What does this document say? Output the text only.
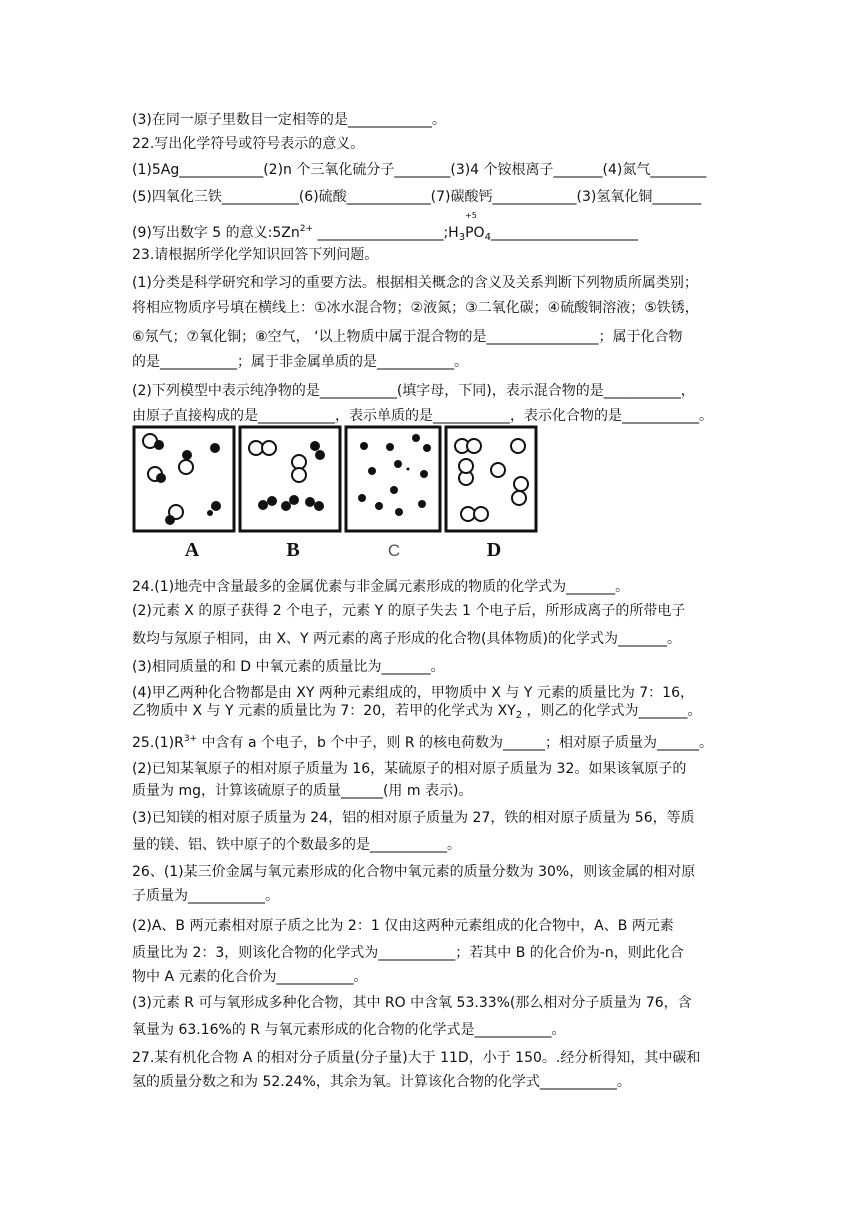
(3)在同一原子里数目一定相等的是____________。
22.写出化学符号或符号表示的意义。
(1)5Ag____________(2)n 个三氧化硫分子________(3)4 个铵根离子_______(4)氮气________
(5)四氧化三铁___________(6)硫酸____________(7)碳酸钙____________(3)氢氧化铜_______
23.请根据所学化学知识回答下列问题。
(1)分类是科学研究和学习的重要方法。根据相关概念的含义及关系判断下列物质所属类别；
将相应物质序号填在横线上：①冰水混合物；②液氮；③二氧化碳；④硫酸铜溶液；⑤铁锈，
⑥氖气；⑦氧化铜；⑧空气， ‘以上物质中属于混合物的是________________；属于化合物
的是___________；属于非金属单质的是___________。
(2)下列模型中表示纯净物的是___________(填字母，下同)，表示混合物的是___________，
由原子直接构成的是___________，表示单质的是___________，表示化合物的是___________。
24.(1)地壳中含量最多的金属优素与非金属元素形成的物质的化学式为_______。
(2)元素 X 的原子获得 2 个电子，元素 Y 的原子失去 1 个电子后，所形成离子的所带电子
数均与氖原子相同，由 X、Y 两元素的离子形成的化合物(具体物质)的化学式为_______。
(3)相同质量的和 D 中氧元素的质量比为_______。
(4)甲乙两种化合物都是由 XY 两种元素组成的，甲物质中 X 与 Y 元素的质量比为 7：16，
(2)已知某氧原子的相对原子质量为 16，某硫原子的相对原子质量为 32。如果该氧原子的
质量为 mg，计算该硫原子的质量______(用 m 表示)。
(3)已知镁的相对原子质量为 24，铝的相对原子质量为 27，铁的相对原子质量为 56，等质
量的镁、铝、铁中原子的个数最多的是___________。
26、(1)某三价金属与氧元素形成的化合物中氧元素的质量分数为 30%，则该金属的相对原
子质量为___________。
(2)A、B 两元素相对原子质之比为 2：1 仅由这两种元素组成的化合物中，A、B 两元素
质量比为 2：3，则该化合物的化学式为___________；若其中 B 的化合价为-n，则此化合
物中 A 元素的化合价为___________。
(3)元素 R 可与氧形成多种化合物，其中 RO 中含氧 53.33%(那么相对分子质量为 76，含
氧量为 63.16%的 R 与氧元素形成的化合物的化学式是___________。
27.某有机化合物 A 的相对分子质量(分子量)大于 11D，小于 150。.经分析得知，其中碳和
氢的质量分数之和为 52.24%，其余为氧。计算该化合物的化学式___________。
(9)写出数字 5 的意义$:5Zn^{2+}$ $\_\_\_\_\_\_\_\_\_\_\_\_\_\_\_\_\_\_;H_3$
+5
$PO_4\_\_\_\_\_\_\_\_\_\_\_\_\_\_\_\_\_\_\_\_\_$
乙物质中 X 与 Y 元素的质量比为 7：20，若甲的化学式为 $XY_2$ ，则乙的化学式为_______。
$25.(1)R^{3+}$ 中含有 a 个电子，b 个中子，则 R 的核电荷数为______；相对原子质量为______。
A	B	C	D
